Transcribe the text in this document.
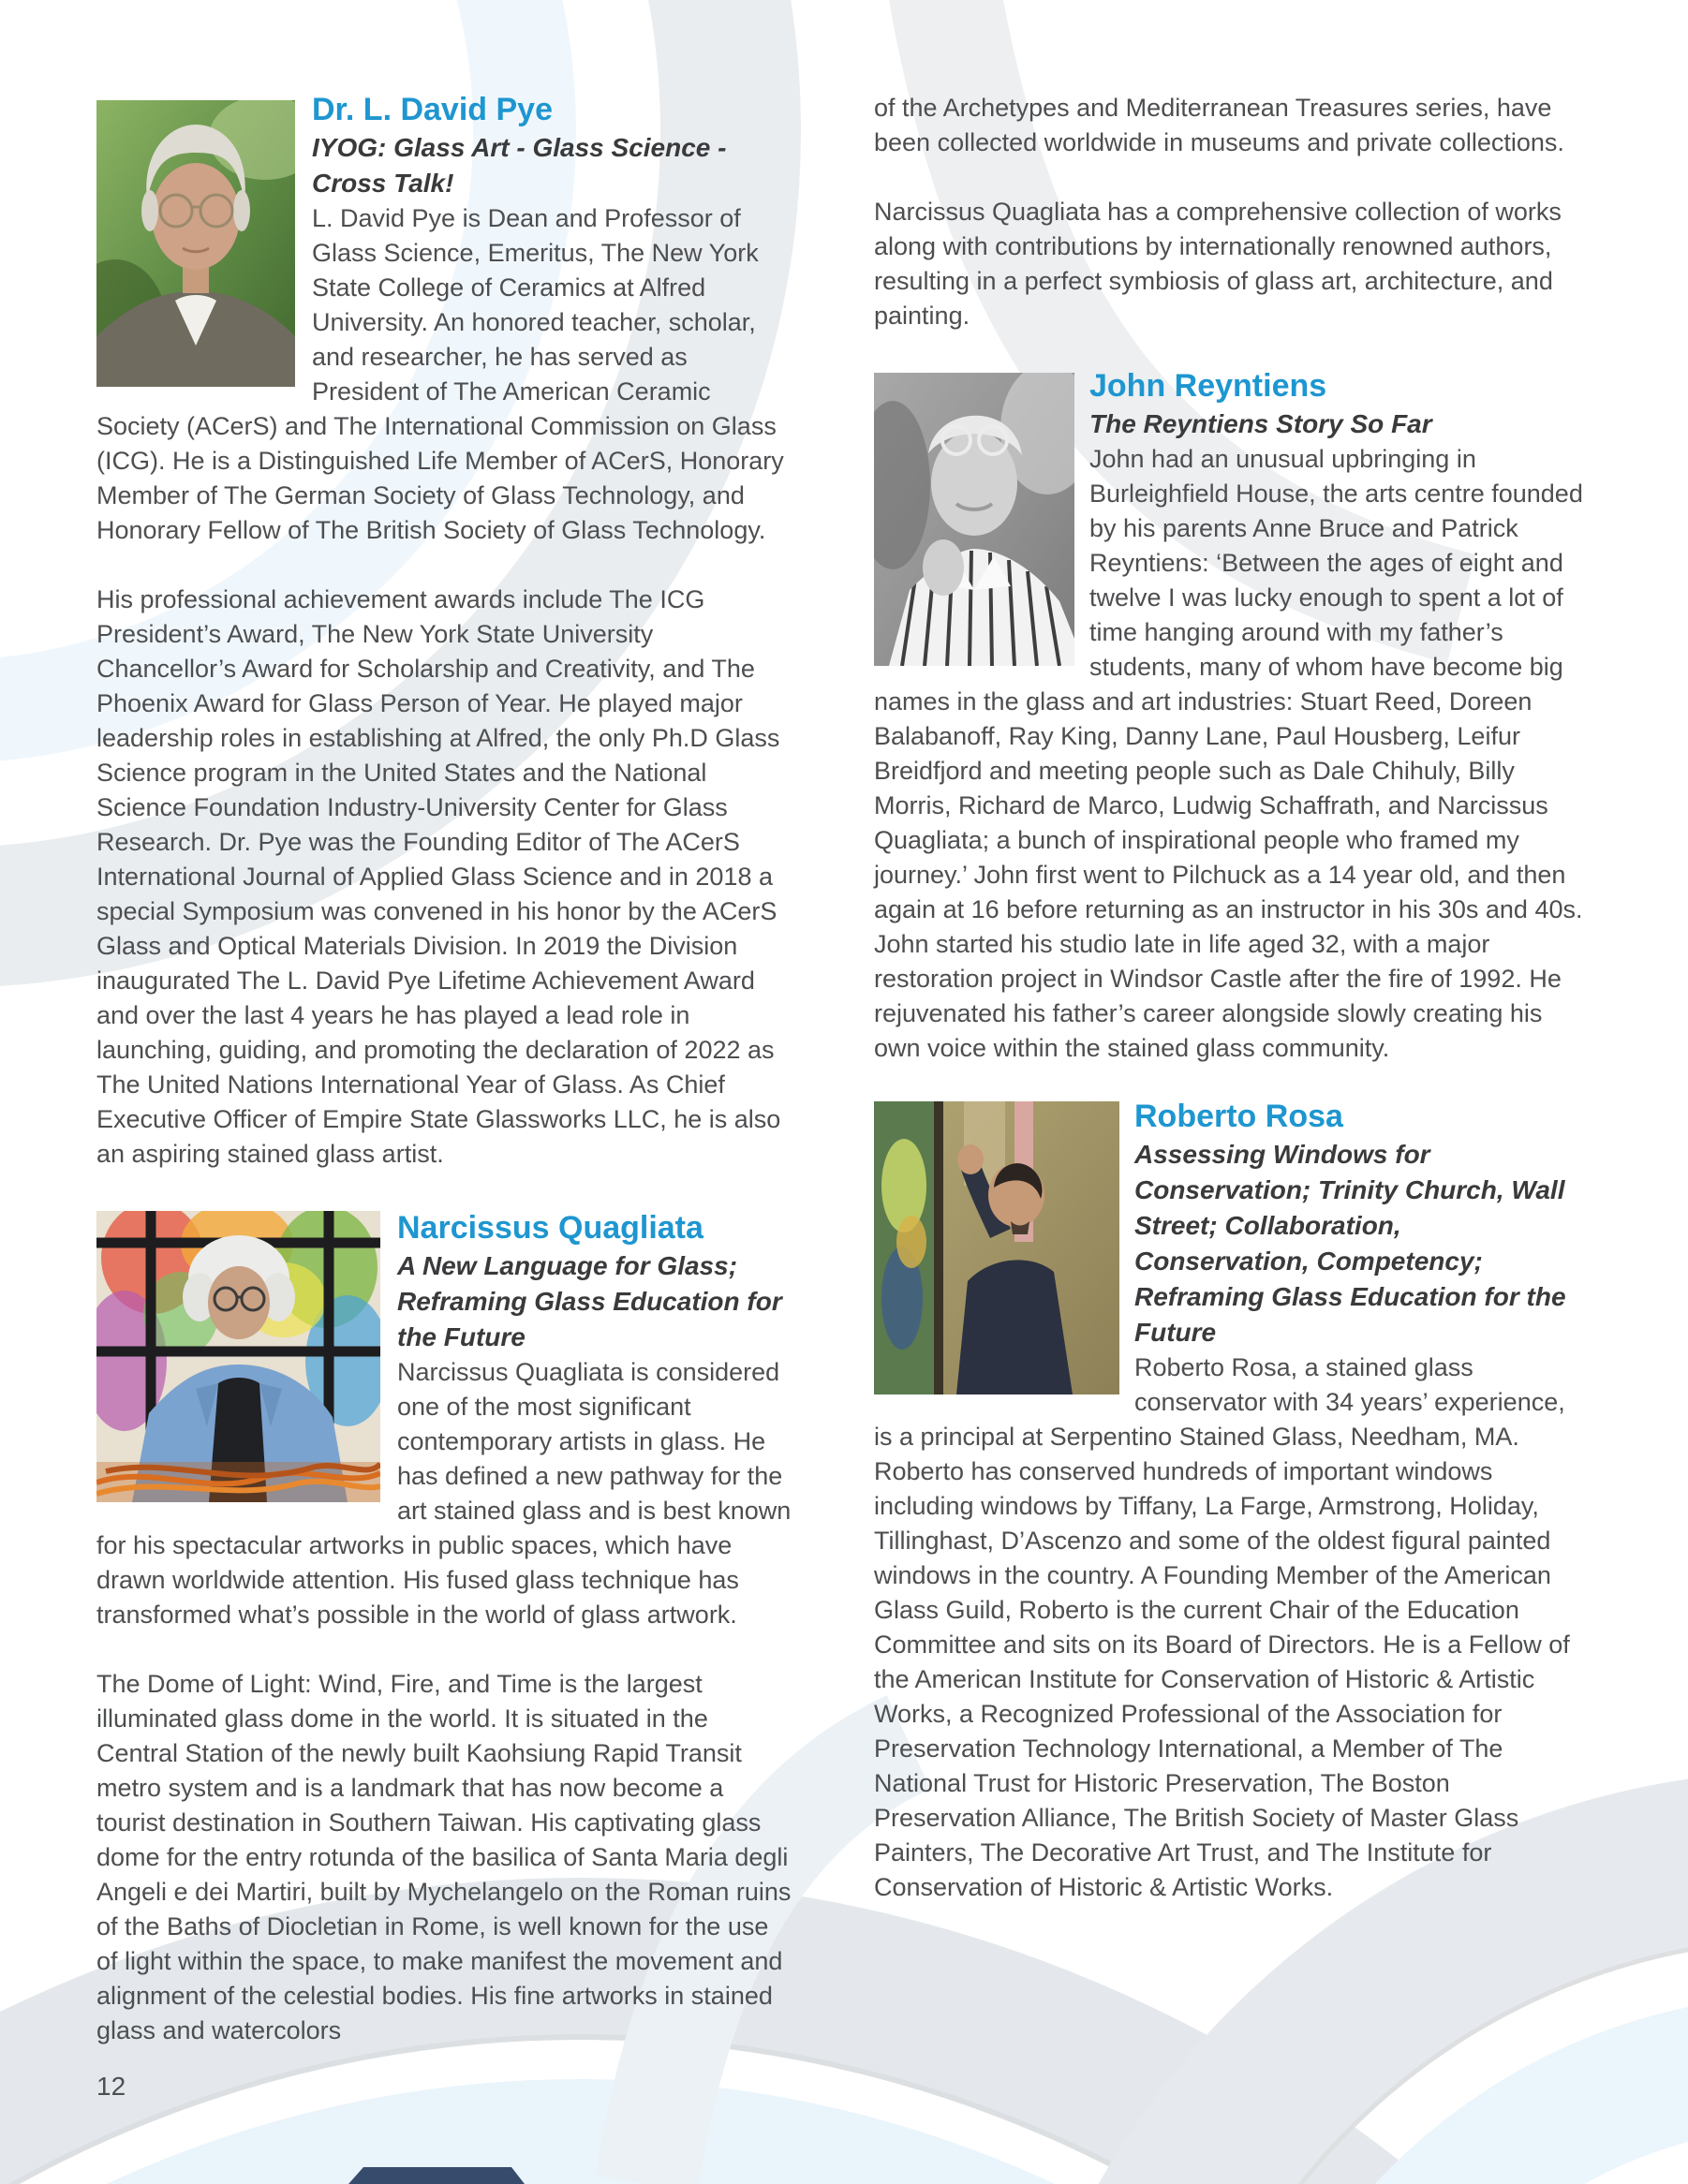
Dr. L. David Pye
IYOG: Glass Art - Glass Science - Cross Talk!

L. David Pye is Dean and Professor of Glass Science, Emeritus, The New York State College of Ceramics at Alfred University. An honored teacher, scholar, and researcher, he has served as President of The American Ceramic Society (ACerS) and The International Commission on Glass (ICG). He is a Distinguished Life Member of ACerS, Honorary Member of The German Society of Glass Technology, and Honorary Fellow of The British Society of Glass Technology.

His professional achievement awards include The ICG President’s Award, The New York State University Chancellor’s Award for Scholarship and Creativity, and The Phoenix Award for Glass Person of Year. He played major leadership roles in establishing at Alfred, the only Ph.D Glass Science program in the United States and the National Science Foundation Industry-University Center for Glass Research. Dr. Pye was the Founding Editor of The ACerS International Journal of Applied Glass Science and in 2018 a special Symposium was convened in his honor by the ACerS Glass and Optical Materials Division. In 2019 the Division inaugurated The L. David Pye Lifetime Achievement Award and over the last 4 years he has played a lead role in launching, guiding, and promoting the declaration of 2022 as The United Nations International Year of Glass. As Chief Executive Officer of Empire State Glassworks LLC, he is also an aspiring stained glass artist.

Narcissus Quagliata
A New Language for Glass; Reframing Glass Education for the Future

Narcissus Quagliata is considered one of the most significant contemporary artists in glass. He has defined a new pathway for the art stained glass and is best known for his spectacular artworks in public spaces, which have drawn worldwide attention. His fused glass technique has transformed what’s possible in the world of glass artwork.

The Dome of Light: Wind, Fire, and Time is the largest illuminated glass dome in the world. It is situated in the Central Station of the newly built Kaohsiung Rapid Transit metro system and is a landmark that has now become a tourist destination in Southern Taiwan. His captivating glass dome for the entry rotunda of the basilica of Santa Maria degli Angeli e dei Martiri, built by Mychelangelo on the Roman ruins of the Baths of Diocletian in Rome, is well known for the use of light within the space, to make manifest the movement and alignment of the celestial bodies. His fine artworks in stained glass and watercolors

of the Archetypes and Mediterranean Treasures series, have been collected worldwide in museums and private collections.

Narcissus Quagliata has a comprehensive collection of works along with contributions by internationally renowned authors, resulting in a perfect symbiosis of glass art, architecture, and painting.

John Reyntiens
The Reyntiens Story So Far

John had an unusual upbringing in Burleighfield House, the arts centre founded by his parents Anne Bruce and Patrick Reyntiens: ‘Between the ages of eight and twelve I was lucky enough to spent a lot of time hanging around with my father’s students, many of whom have become big names in the glass and art industries: Stuart Reed, Doreen Balabanoff, Ray King, Danny Lane, Paul Housberg, Leifur Breidfjord and meeting people such as Dale Chihuly, Billy Morris, Richard de Marco, Ludwig Schaffrath, and Narcissus Quagliata; a bunch of inspirational people who framed my journey.’ John first went to Pilchuck as a 14 year old, and then again at 16 before returning as an instructor in his 30s and 40s. John started his studio late in life aged 32, with a major restoration project in Windsor Castle after the fire of 1992. He rejuvenated his father’s career alongside slowly creating his own voice within the stained glass community.

Roberto Rosa
Assessing Windows for Conservation; Trinity Church, Wall Street; Collaboration, Conservation, Competency; Reframing Glass Education for the Future

Roberto Rosa, a stained glass conservator with 34 years’ experience, is a principal at Serpentino Stained Glass, Needham, MA. Roberto has conserved hundreds of important windows including windows by Tiffany, La Farge, Armstrong, Holiday, Tillinghast, D’Ascenzo and some of the oldest figural painted windows in the country. A Founding Member of the American Glass Guild, Roberto is the current Chair of the Education Committee and sits on its Board of Directors. He is a Fellow of the American Institute for Conservation of Historic & Artistic Works, a Recognized Professional of the Association for Preservation Technology International, a Member of The National Trust for Historic Preservation, The Boston Preservation Alliance, The British Society of Master Glass Painters, The Decorative Art Trust, and The Institute for Conservation of Historic & Artistic Works.

12
